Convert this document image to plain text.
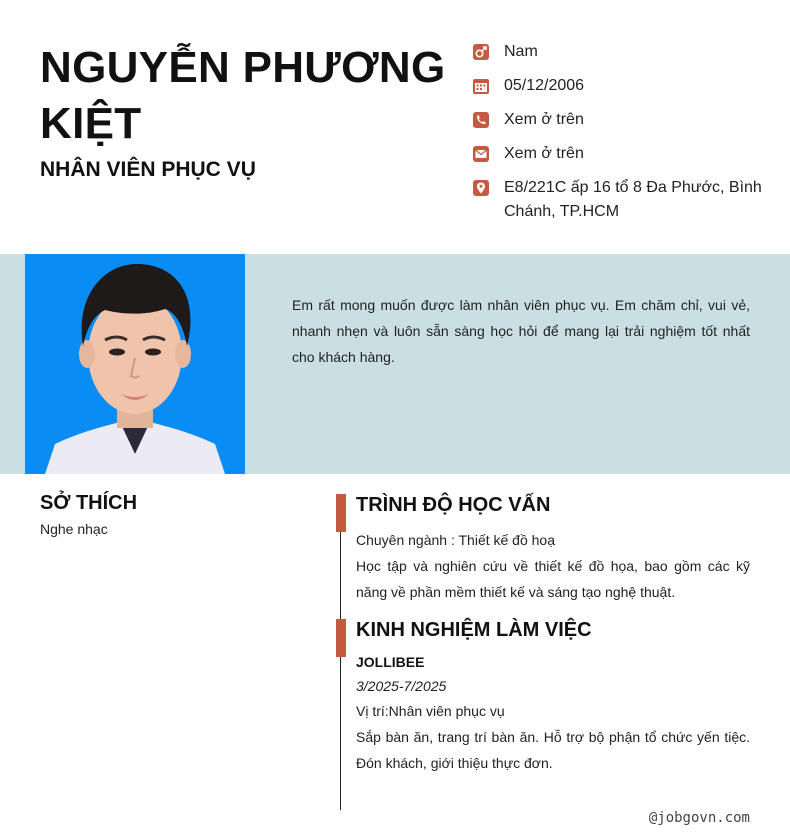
NGUYỄN PHƯƠNG KIỆT
NHÂN VIÊN PHỤC VỤ
Nam
05/12/2006
Xem ở trên
Xem ở trên
E8/221C ấp 16 tổ 8 Đa Phước, Bình Chánh, TP.HCM
Em rất mong muốn được làm nhân viên phục vụ. Em chăm chỉ, vui vẻ, nhanh nhẹn và luôn sẵn sàng học hỏi để mang lại trải nghiệm tốt nhất cho khách hàng.
SỞ THÍCH
Nghe nhạc
TRÌNH ĐỘ HỌC VẤN
Chuyên ngành : Thiết kế đồ hoạ
Học tập và nghiên cứu về thiết kế đồ họa, bao gồm các kỹ năng về phần mềm thiết kế và sáng tạo nghệ thuật.
KINH NGHIỆM LÀM VIỆC
JOLLIBEE
3/2025-7/2025
Vị trí:Nhân viên phục vụ
Sắp bàn ăn, trang trí bàn ăn. Hỗ trợ bộ phận tổ chức yến tiệc. Đón khách, giới thiệu thực đơn.
@jobgovn.com
